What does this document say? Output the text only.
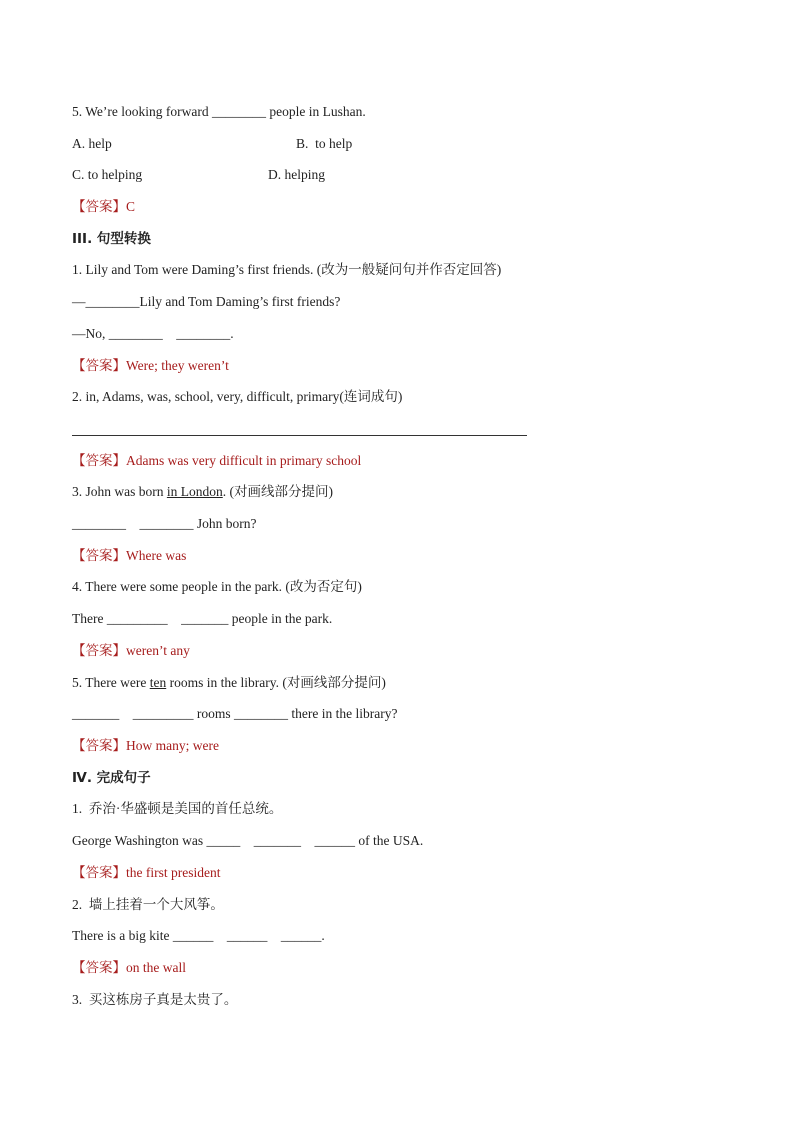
5. We’re looking forward ________ people in Lushan.
A. help	B.  to help
C. to helping	D. helping
【答案】C
III. 句型转换
1. Lily and Tom were Daming’s first friends. (改为一般疑问句并作否定回答)
—________Lily and Tom Daming’s first friends?
—No, ________    ________.
【答案】Were; they weren’t
2. in, Adams, was, school, very, difficult, primary(连词成句)
【答案】Adams was very difficult in primary school
3. John was born in London. (对画线部分提问)
________    ________ John born?
【答案】Where was
4. There were some people in the park. (改为否定句)
There _________    _______ people in the park.
【答案】weren’t any
5. There were ten rooms in the library. (对画线部分提问)
_______    _________ rooms ________ there in the library?
【答案】How many; were
Ⅳ. 完成句子
1.  乔治·华盛顿是美国的首任总统。
George Washington was _____    _______    ______ of the USA.
【答案】the first president
2.  墙上挂着一个大风筝。
There is a big kite ______    ______    ______.
【答案】on the wall
3.  买这栋房子真是太贵了。
